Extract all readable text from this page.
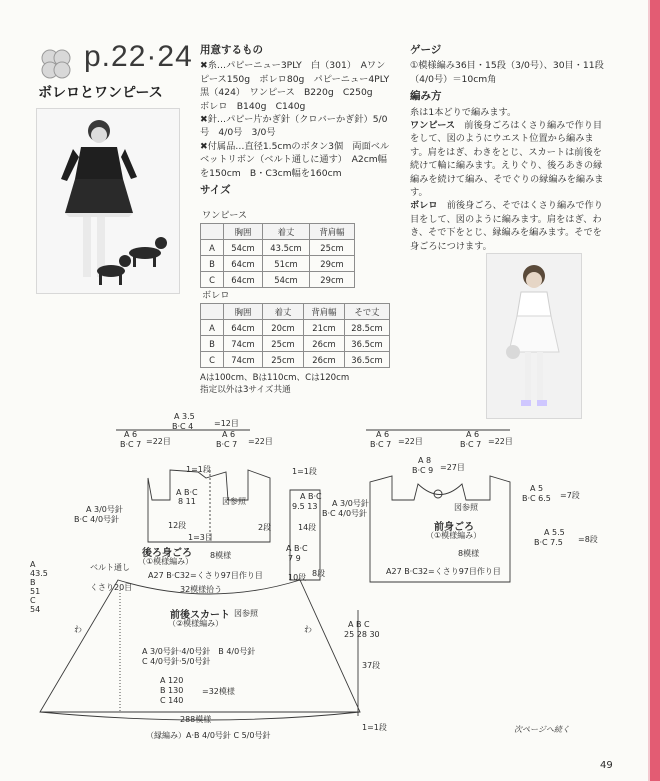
p.22·24
ボレロとワンピース
用意するもの
✖糸…パピーニュー3PLY　白（301）　Aワンピース150g　ボレロ80g　パピーニュー4PLY　黒（424）　ワンピース　B220g　C250g　ボレロ　B140g　C140g
✖針…パピー片かぎ針（クロバーかぎ針）5/0号　4/0号　3/0号
✖付属品…直径1.5cmのボタン3個　両面ベルベットリボン（ベルト通しに通す）　A2cm幅を150cm　B・C3cm幅を160cm
サイズ
ワンピース
	胸囲	着丈	背肩幅
A	54cm	43.5cm	25cm
B	64cm	51cm	29cm
C	64cm	54cm	29cm
ボレロ
	胸囲	着丈	背肩幅	そで丈
A	64cm	20cm	21cm	28.5cm
B	74cm	25cm	26cm	36.5cm
C	74cm	25cm	26cm	36.5cm
Aは100cm、Bは110cm、Cは120cm
指定以外は3サイズ共通
ゲージ
①模様編み36目・15段（3/0号）、30目・11段（4/0号）＝10cm角
編み方
糸は1本どりで編みます。
ワンピース　 前後身ごろはくさり編みで作り目をして、図のようにウエスト位置から編みます。肩をはぎ、わきをとじ、スカートは前後を続けて輪に編みます。えりぐり、後ろあきの縁編みを続けて編み、そでぐりの縁編みを編みます。
ボレロ　 前後身ごろ、そではくさり編みで作り目をして、図のように編みます。肩をはぎ、わき、そで下をとじ、縁編みを編みます。そでを身ごろにつけます。
A 3.5
B·C 4	=12目
A 6
B·C 7 =22目
A 6
B·C 7 =22目
1=1段
A B·C
8 11	図参照
A 3/0号針
B·C 4/0号針
12段	2段
1=3目
後ろ身ごろ
（①模様編み）
8模様
A27 B·C32=くさり97目作り目
ベルト通し
くさり20目	32模様拾う
A 43.5 B 51 C 54
1=1段
A B·C
9.5 13 A 3/0号針
B·C 4/0号針
14段
A B·C
7 9
10段 8段
A 6
B·C 7 =22目
A 6
B·C 7 =22目
A 8
B·C 9 =27目
図参照
前身ごろ
（①模様編み）
8模様
A27 B·C32=くさり97目作り目
A 5
B·C 6.5 =7段
A 5.5
B·C 7.5 =8段
前後スカート 図参照
（②模様編み）
わ	わ
A 3/0号針·4/0号針　B 4/0号針
C 4/0号針·5/0号針
A 120
B 130
C 140
=32模様
288模様
（縁編み）A·B 4/0号針 C 5/0号針
A B C
25 28 30
37段
1=1段	次ページへ続く
49
